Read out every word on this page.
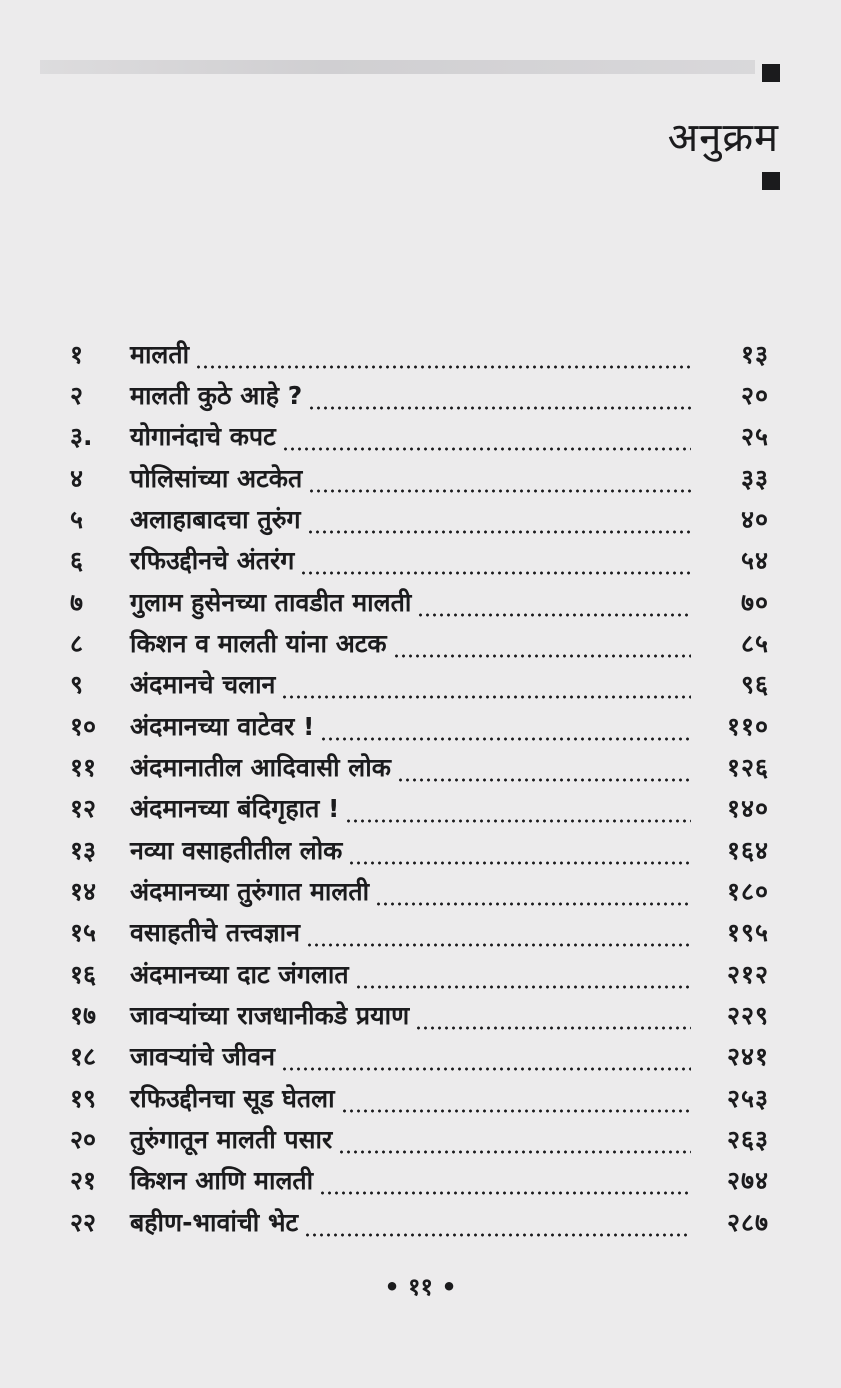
अनुक्रम
१	मालती	१३
२	मालती कुठे आहे ?	२०
३.	योगानंदाचे कपट	२५
४	पोलिसांच्या अटकेत	३३
५	अलाहाबादचा तुरुंग	४०
६	रफिउद्दीनचे अंतरंग	५४
७	गुलाम हुसेनच्या तावडीत मालती	७०
८	किशन व मालती यांना अटक	८५
९	अंदमानचे चलान	९६
१०	अंदमानच्या वाटेवर !	११०
११	अंदमानातील आदिवासी लोक	१२६
१२	अंदमानच्या बंदिगृहात !	१४०
१३	नव्या वसाहतीतील लोक	१६४
१४	अंदमानच्या तुरुंगात मालती	१८०
१५	वसाहतीचे तत्त्वज्ञान	१९५
१६	अंदमानच्या दाट जंगलात	२१२
१७	जावऱ्यांच्या राजधानीकडे प्रयाण	२२९
१८	जावऱ्यांचे जीवन	२४१
१९	रफिउद्दीनचा सूड घेतला	२५३
२०	तुरुंगातून मालती पसार	२६३
२१	किशन आणि मालती	२७४
२२	बहीण-भावांची भेट	२८७
• ११ •
